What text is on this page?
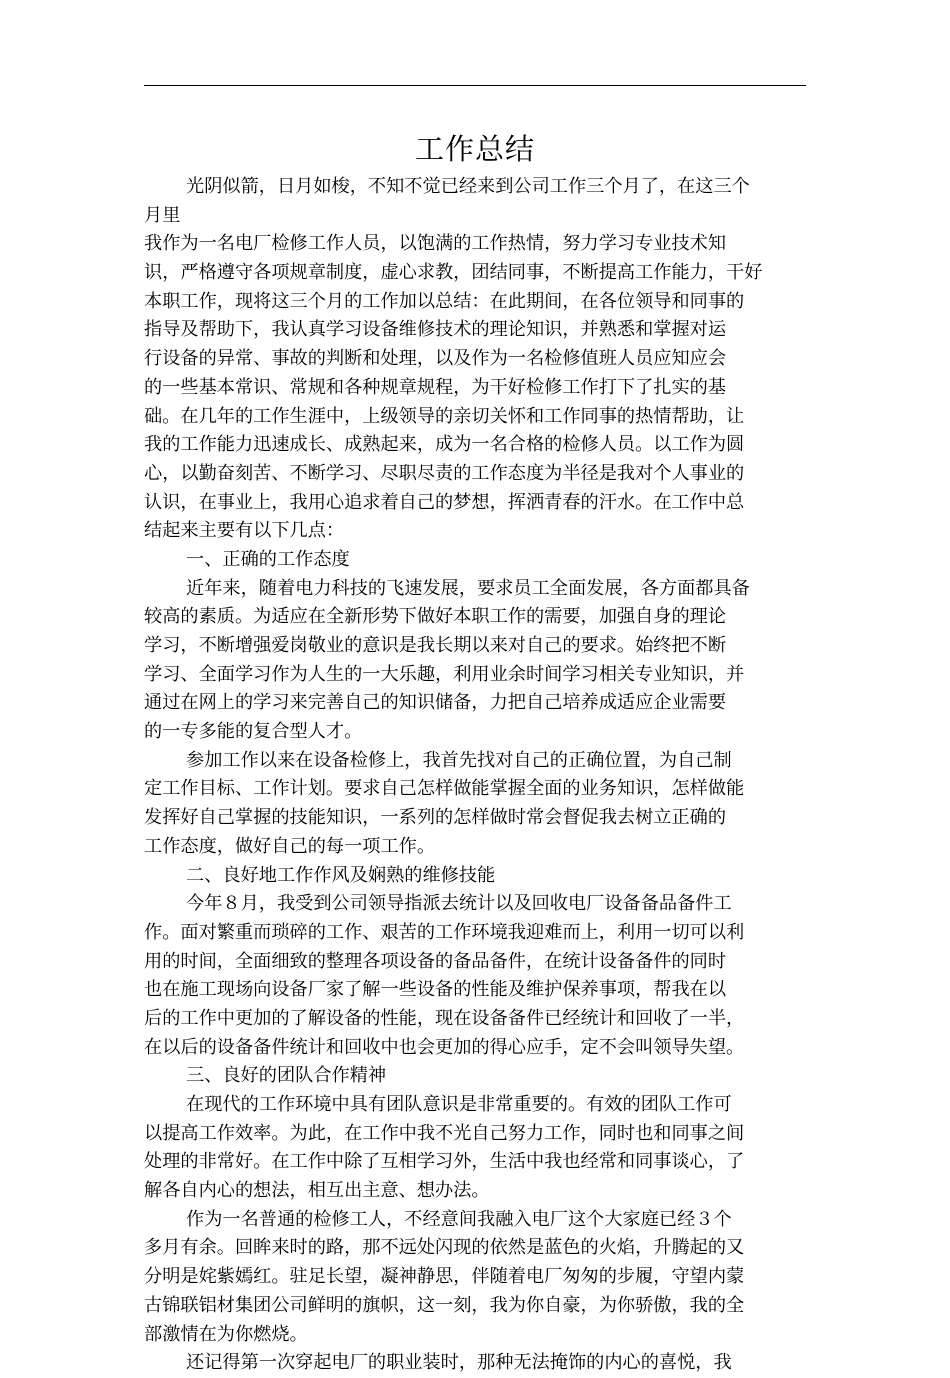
工作总结
光阴似箭，日月如梭，不知不觉已经来到公司工作三个月了，在这三个
月里
我作为一名电厂检修工作人员，以饱满的工作热情，努力学习专业技术知
识，严格遵守各项规章制度，虚心求教，团结同事，不断提高工作能力，干好
本职工作，现将这三个月的工作加以总结：在此期间，在各位领导和同事的
指导及帮助下，我认真学习设备维修技术的理论知识，并熟悉和掌握对运
行设备的异常、事故的判断和处理，以及作为一名检修值班人员应知应会
的一些基本常识、常规和各种规章规程，为干好检修工作打下了扎实的基
础。在几年的工作生涯中，上级领导的亲切关怀和工作同事的热情帮助，让
我的工作能力迅速成长、成熟起来，成为一名合格的检修人员。以工作为圆
心，以勤奋刻苦、不断学习、尽职尽责的工作态度为半径是我对个人事业的
认识，在事业上，我用心追求着自己的梦想，挥洒青春的汗水。在工作中总
结起来主要有以下几点：
一、正确的工作态度
近年来，随着电力科技的飞速发展，要求员工全面发展，各方面都具备
较高的素质。为适应在全新形势下做好本职工作的需要，加强自身的理论
学习，不断增强爱岗敬业的意识是我长期以来对自己的要求。始终把不断
学习、全面学习作为人生的一大乐趣，利用业余时间学习相关专业知识，并
通过在网上的学习来完善自己的知识储备，力把自己培养成适应企业需要
的一专多能的复合型人才。
参加工作以来在设备检修上，我首先找对自己的正确位置，为自己制
定工作目标、工作计划。要求自己怎样做能掌握全面的业务知识，怎样做能
发挥好自己掌握的技能知识，一系列的怎样做时常会督促我去树立正确的
工作态度，做好自己的每一项工作。
二、良好地工作作风及娴熟的维修技能
今年８月，我受到公司领导指派去统计以及回收电厂设备备品备件工
作。面对繁重而琐碎的工作、艰苦的工作环境我迎难而上，利用一切可以利
用的时间，全面细致的整理各项设备的备品备件，在统计设备备件的同时
也在施工现场向设备厂家了解一些设备的性能及维护保养事项，帮我在以
后的工作中更加的了解设备的性能，现在设备备件已经统计和回收了一半，
在以后的设备备件统计和回收中也会更加的得心应手，定不会叫领导失望。
三、良好的团队合作精神
在现代的工作环境中具有团队意识是非常重要的。有效的团队工作可
以提高工作效率。为此，在工作中我不光自己努力工作，同时也和同事之间
处理的非常好。在工作中除了互相学习外，生活中我也经常和同事谈心，了
解各自内心的想法，相互出主意、想办法。
作为一名普通的检修工人，不经意间我融入电厂这个大家庭已经３个
多月有余。回眸来时的路，那不远处闪现的依然是蓝色的火焰，升腾起的又
分明是姹紫嫣红。驻足长望，凝神静思，伴随着电厂匆匆的步履，守望内蒙
古锦联铝材集团公司鲜明的旗帜，这一刻，我为你自豪，为你骄傲，我的全
部激情在为你燃烧。
还记得第一次穿起电厂的职业装时，那种无法掩饰的内心的喜悦，我
